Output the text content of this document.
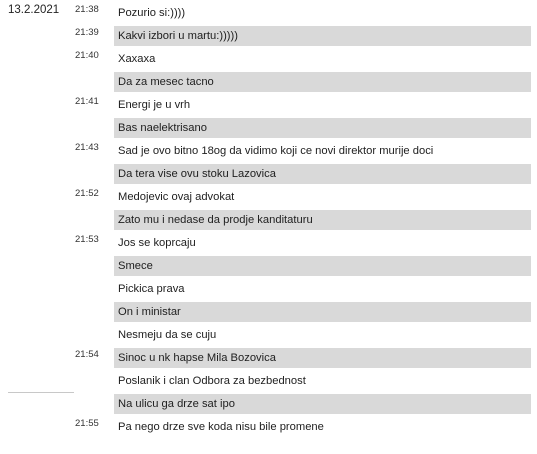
13.2.2021 21:38	Pozurio si:))))
21:39	Kakvi izbori u martu:)))))
21:40	Xaxaxa
Da za mesec tacno
21:41	Energi je u vrh
Bas naelektrisano
21:43	Sad je ovo bitno 18og da vidimo koji ce novi direktor murije doci
Da tera vise ovu stoku Lazovica
21:52	Medojevic ovaj advokat
Zato mu i nedase da prodje kanditaturu
21:53	Jos se koprcaju
Smece
Pickica prava
On i ministar
Nesmeju da se cuju
21:54	Sinoc u nk hapse Mila Bozovica
Poslanik i clan Odbora za bezbednost
Na ulicu ga drze sat ipo
21:55	Pa nego drze sve koda nisu bile promene
